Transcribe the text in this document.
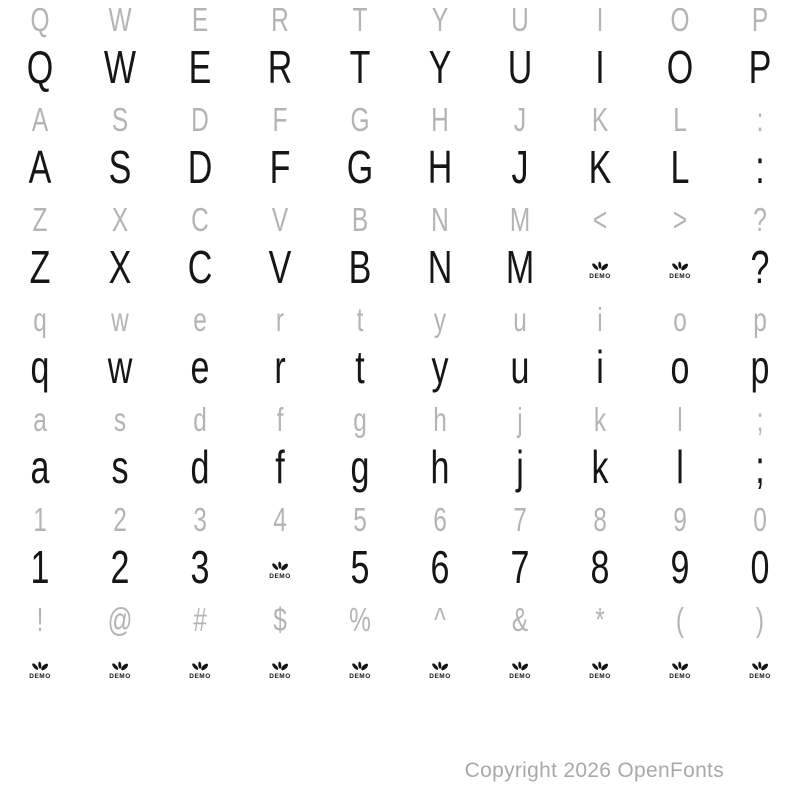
Q	W	E	R	T	Y	U	I	O	P
Q	W	E	R	T	Y	U	I	O	P
A	S	D	F	G	H	J	K	L	:
A	S	D	F	G	H	J	K	L	:
Z	X	C	V	B	N	M	<	>	?
Z	X	C	V	B	N	M	DEMO	DEMO	?
q	w	e	r	t	y	u	i	o	p
q	w	e	r	t	y	u	i	o	p
a	s	d	f	g	h	j	k	l	;
a	s	d	f	g	h	j	k	l	;
1	2	3	4	5	6	7	8	9	0
1	2	3	DEMO	5	6	7	8	9	0
!	@	#	$	%	^	&	*	(	)
DEMO	DEMO	DEMO	DEMO	DEMO	DEMO	DEMO	DEMO	DEMO	DEMO
Copyright 2026 OpenFonts
